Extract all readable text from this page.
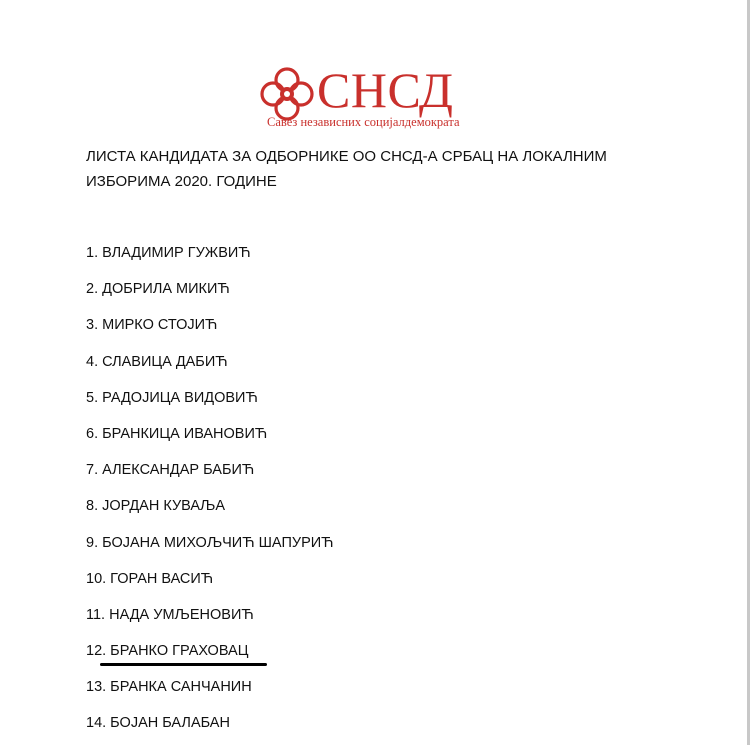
СНСД
Савез независних социјалдемократа
ЛИСТА КАНДИДАТА ЗА ОДБОРНИКЕ ОО СНСД-А СРБАЦ НА ЛОКАЛНИМ
ИЗБОРИМА 2020. ГОДИНЕ
1. ВЛАДИМИР ГУЖВИЋ
2. ДОБРИЛА МИКИЋ
3. МИРКО СТОЈИЋ
4. СЛАВИЦА ДАБИЋ
5. РАДОЈИЦА ВИДОВИЋ
6. БРАНКИЦА ИВАНОВИЋ
7. АЛЕКСАНДАР БАБИЋ
8. ЈОРДАН КУВАЉА
9. БОЈАНА МИХОЉЧИЋ ШАПУРИЋ
10. ГОРАН ВАСИЋ
11. НАДА УМЉЕНОВИЋ
12. БРАНКО ГРАХОВАЦ
13. БРАНКА САНЧАНИН
14. БОЈАН БАЛАБАН
